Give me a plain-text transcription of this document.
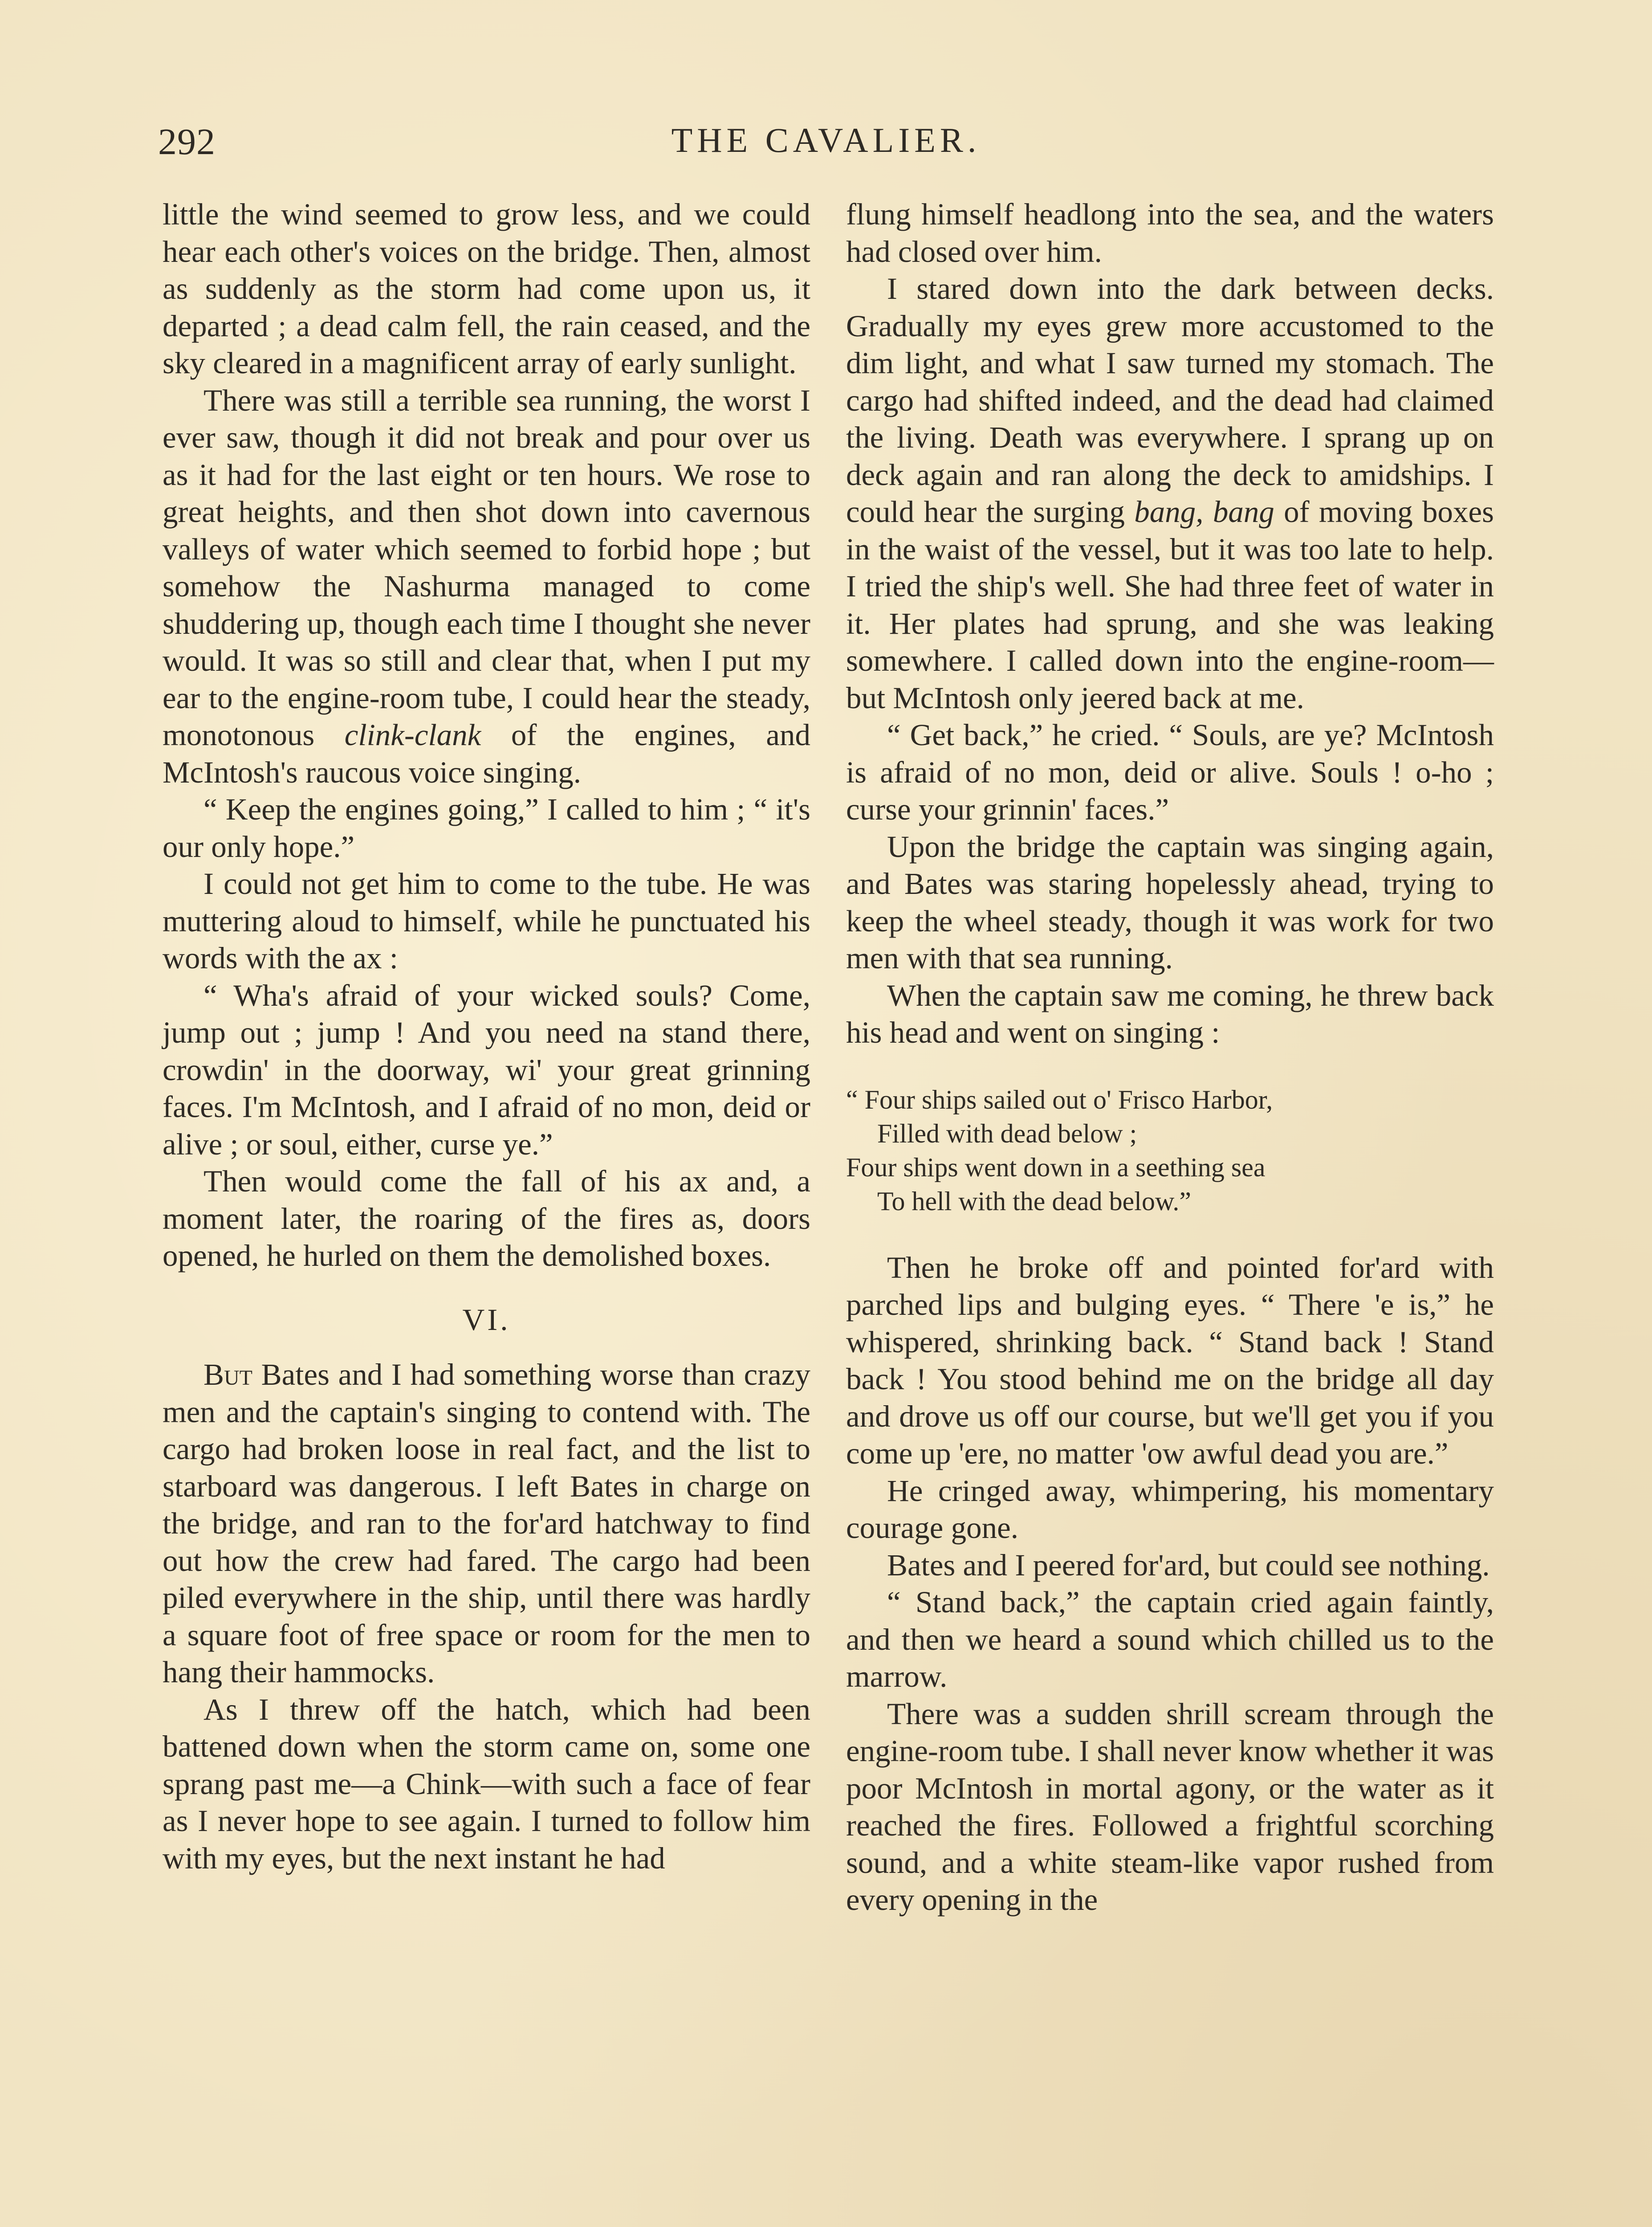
292	THE CAVALIER.

little the wind seemed to grow less, and we could hear each other's voices on the bridge. Then, almost as suddenly as the storm had come upon us, it departed ; a dead calm fell, the rain ceased, and the sky cleared in a magnificent array of early sunlight.

There was still a terrible sea running, the worst I ever saw, though it did not break and pour over us as it had for the last eight or ten hours. We rose to great heights, and then shot down into cavernous valleys of water which seemed to forbid hope ; but somehow the Nashurma managed to come shuddering up, though each time I thought she never would. It was so still and clear that, when I put my ear to the engine-room tube, I could hear the steady, monotonous clink-clank of the engines, and McIntosh's raucous voice singing.

“ Keep the engines going,” I called to him ; “ it's our only hope.”

I could not get him to come to the tube. He was muttering aloud to himself, while he punctuated his words with the ax :

“ Wha's afraid of your wicked souls? Come, jump out ; jump ! And you need na stand there, crowdin' in the doorway, wi' your great grinning faces. I'm McIntosh, and I afraid of no mon, deid or alive ; or soul, either, curse ye.”

Then would come the fall of his ax and, a moment later, the roaring of the fires as, doors opened, he hurled on them the demolished boxes.

VI.

But Bates and I had something worse than crazy men and the captain's singing to contend with. The cargo had broken loose in real fact, and the list to starboard was dangerous. I left Bates in charge on the bridge, and ran to the for'ard hatchway to find out how the crew had fared. The cargo had been piled everywhere in the ship, until there was hardly a square foot of free space or room for the men to hang their hammocks.

As I threw off the hatch, which had been battened down when the storm came on, some one sprang past me—a Chink—with such a face of fear as I never hope to see again. I turned to follow him with my eyes, but the next instant he had

flung himself headlong into the sea, and the waters had closed over him.

I stared down into the dark between decks. Gradually my eyes grew more accustomed to the dim light, and what I saw turned my stomach. The cargo had shifted indeed, and the dead had claimed the living. Death was everywhere. I sprang up on deck again and ran along the deck to amidships. I could hear the surging bang, bang of moving boxes in the waist of the vessel, but it was too late to help. I tried the ship's well. She had three feet of water in it. Her plates had sprung, and she was leaking somewhere. I called down into the engine-room—but McIntosh only jeered back at me.

“ Get back,” he cried. “ Souls, are ye? McIntosh is afraid of no mon, deid or alive. Souls ! o-ho ; curse your grinnin' faces.”

Upon the bridge the captain was singing again, and Bates was staring hopelessly ahead, trying to keep the wheel steady, though it was work for two men with that sea running.

When the captain saw me coming, he threw back his head and went on singing :

“ Four ships sailed out o' Frisco Harbor,
Filled with dead below ;
Four ships went down in a seething sea
To hell with the dead below.”

Then he broke off and pointed for'ard with parched lips and bulging eyes. “ There 'e is,” he whispered, shrinking back. “ Stand back ! Stand back ! You stood behind me on the bridge all day and drove us off our course, but we'll get you if you come up 'ere, no matter 'ow awful dead you are.”

He cringed away, whimpering, his momentary courage gone.

Bates and I peered for'ard, but could see nothing.

“ Stand back,” the captain cried again faintly, and then we heard a sound which chilled us to the marrow.

There was a sudden shrill scream through the engine-room tube. I shall never know whether it was poor McIntosh in mortal agony, or the water as it reached the fires. Followed a frightful scorching sound, and a white steam-like vapor rushed from every opening in the
